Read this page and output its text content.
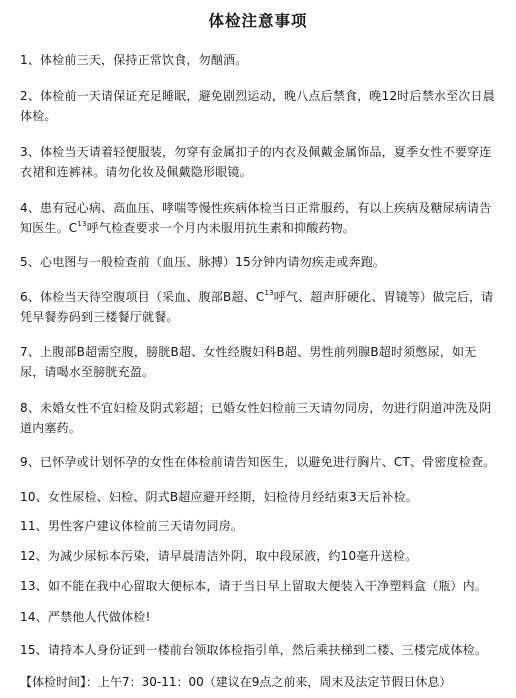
体检注意事项
1、体检前三天，保持正常饮食，勿酗酒。
2、体检前一天请保证充足睡眠，避免剧烈运动，晚八点后禁食，晚12时后禁水至次日晨体检。
3、体检当天请着轻便服装，勿穿有金属扣子的内衣及佩戴金属饰品，夏季女性不要穿连衣裙和连裤袜。请勿化妆及佩戴隐形眼镜。
4、患有冠心病、高血压、哮喘等慢性疾病体检当日正常服药，有以上疾病及糖尿病请告知医生。$C^{13}$呼气检查要求一个月内未服用抗生素和抑酸药物。
5、心电图与一般检查前（血压、脉搏）15分钟内请勿疾走或奔跑。
6、体检当天待空腹项目（采血、腹部B超、$C^{13}$呼气、超声肝硬化、胃镜等）做完后，请凭早餐券码到三楼餐厅就餐。
7、上腹部B超需空腹，膀胱B超、女性经腹妇科B超、男性前列腺B超时须憋尿，如无尿，请喝水至膀胱充盈。
8、未婚女性不宜妇检及阴式彩超；已婚女性妇检前三天请勿同房，勿进行阴道冲洗及阴道内塞药。
9、已怀孕或计划怀孕的女性在体检前请告知医生，以避免进行胸片、CT、骨密度检查。
10、女性尿检、妇检、阴式B超应避开经期，妇检待月经结束3天后补检。
11、男性客户建议体检前三天请勿同房。
12、为减少尿标本污染，请早晨清洁外阴，取中段尿液，约10毫升送检。
13、如不能在我中心留取大便标本，请于当日早上留取大便装入干净塑料盒（瓶）内。
14、严禁他人代做体检!
15、请持本人身份证到一楼前台领取体检指引单，然后乘扶梯到二楼、三楼完成体检。
【体检时间】：上午7：30-11：00（建议在9点之前来，周末及法定节假日休息）
